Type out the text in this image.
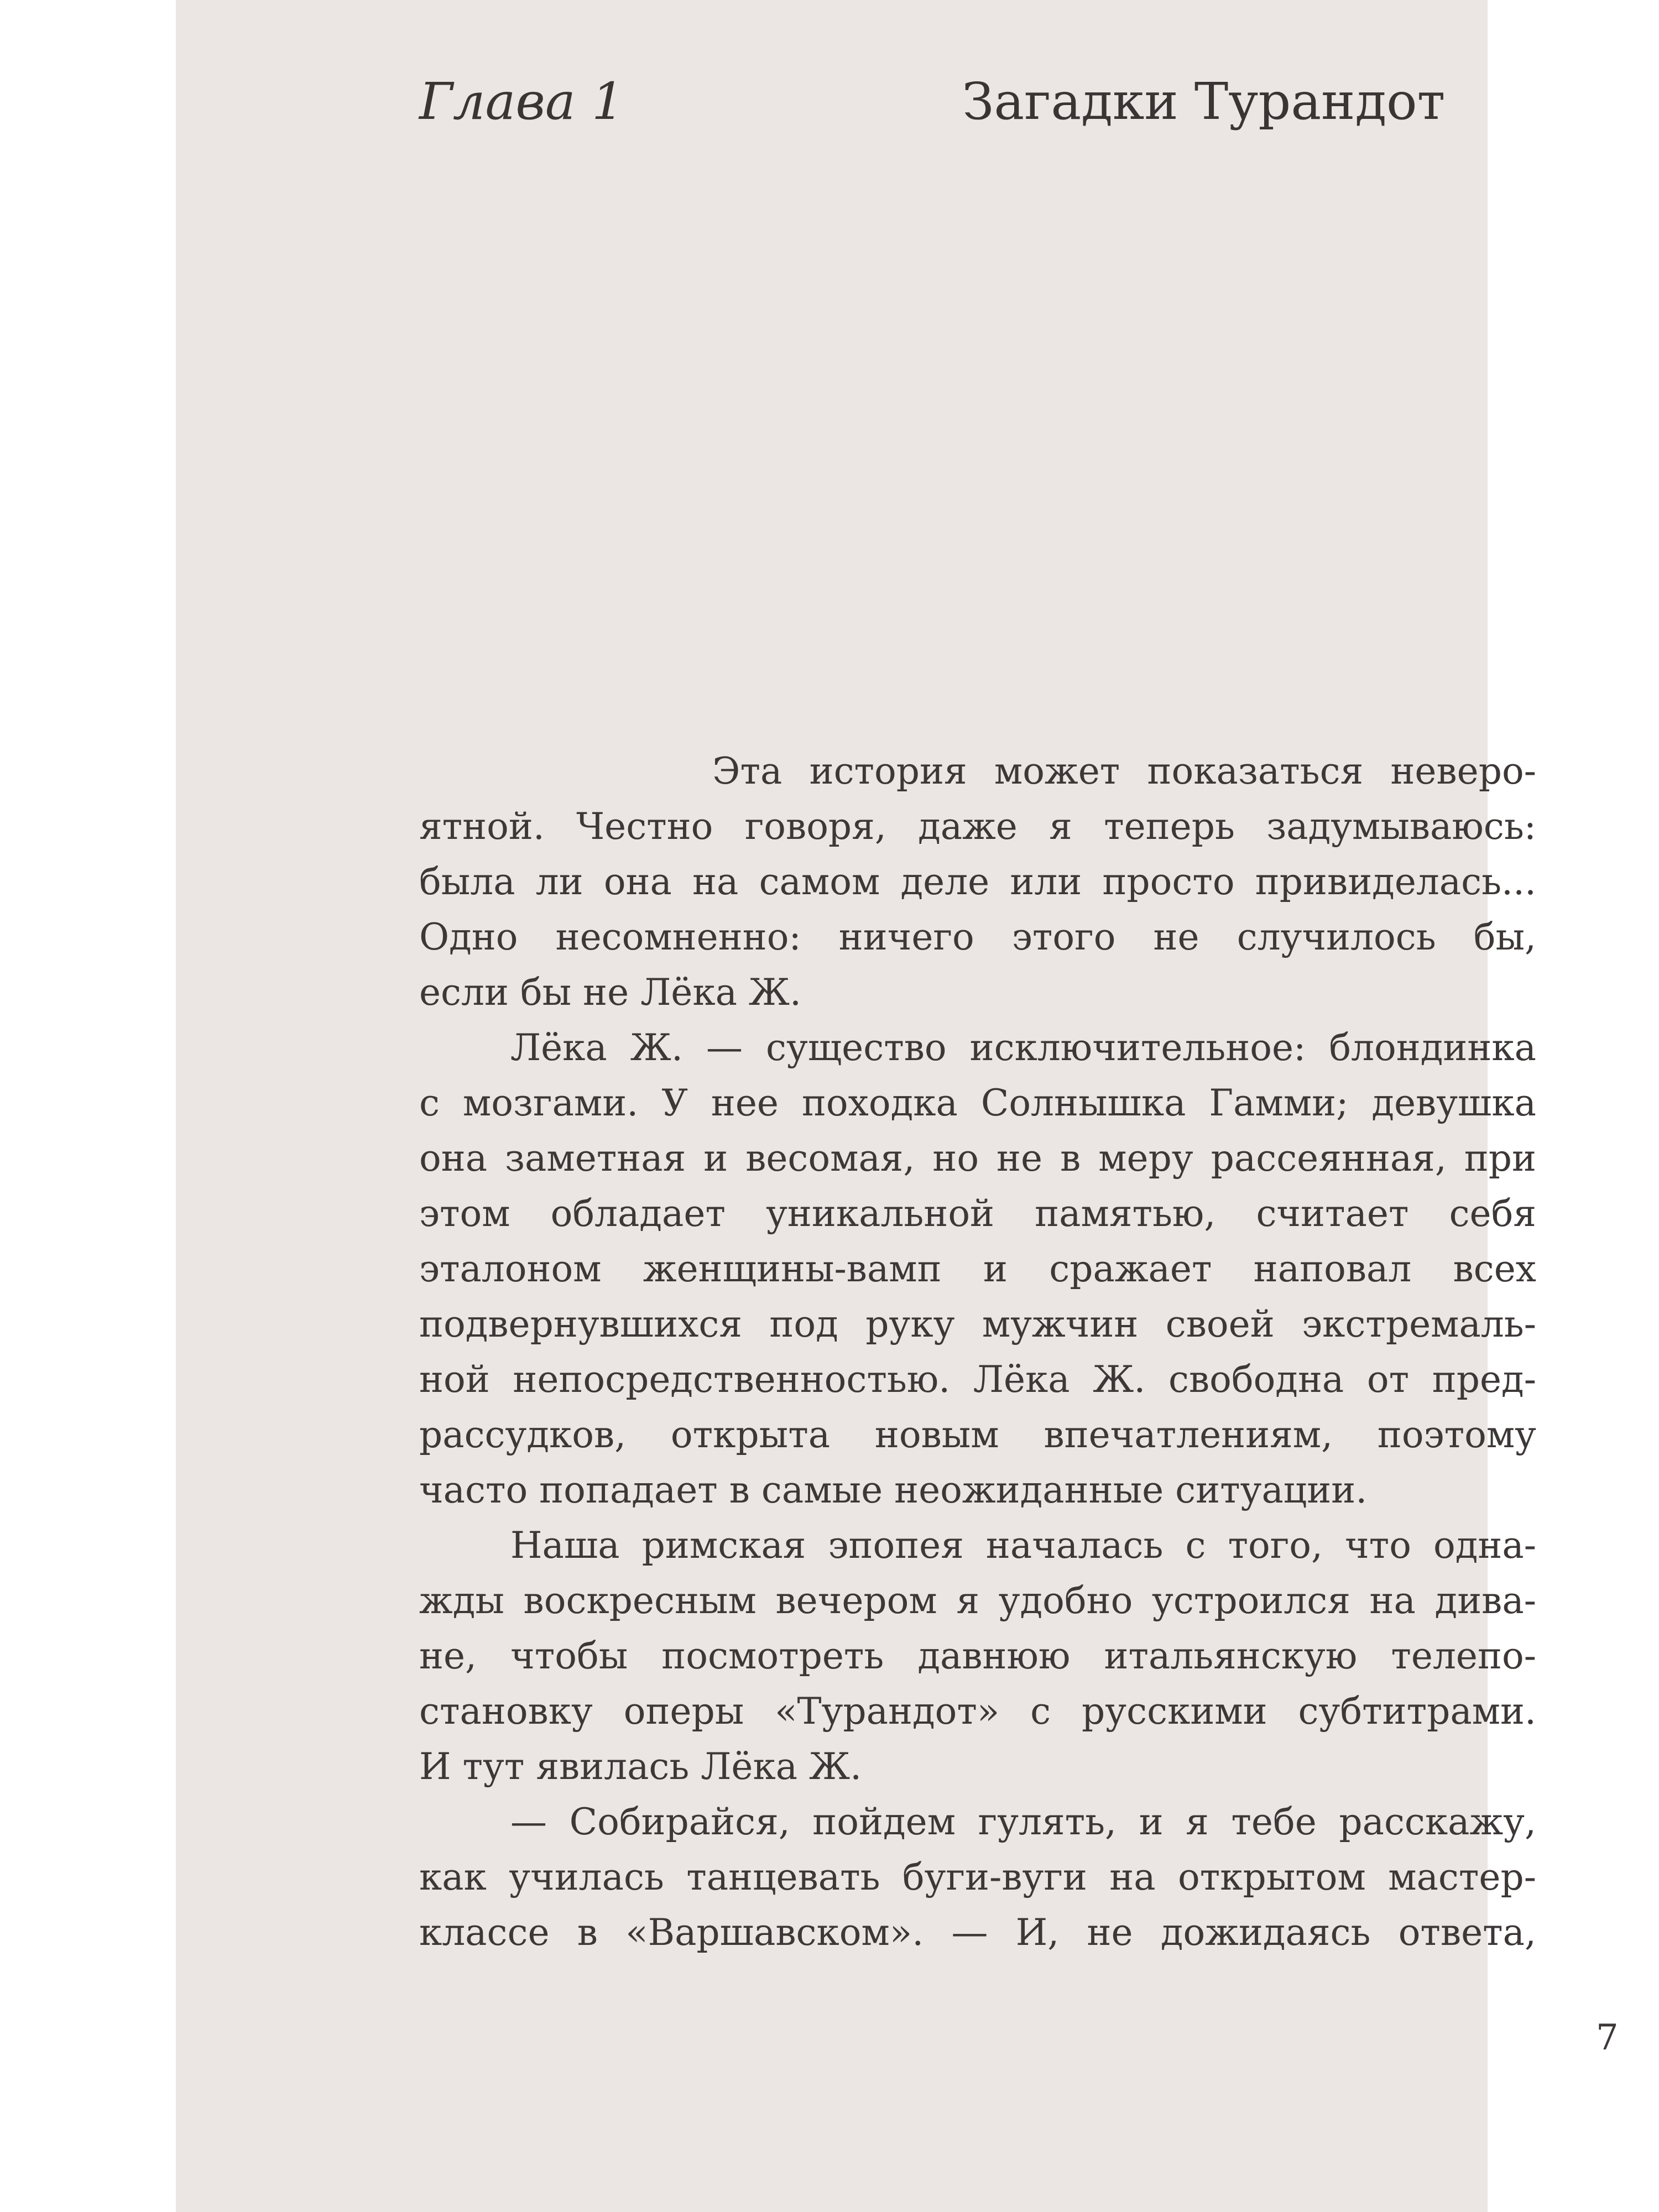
Глава 1	Загадки Турандот
Эта история может показаться неверо-
ятной. Честно говоря, даже я теперь задумываюсь:
была ли она на самом деле или просто привиделась...
Одно несомненно: ничего этого не случилось бы,
если бы не Лёка Ж.
Лёка Ж. — существо исключительное: блондинка
с мозгами. У нее походка Солнышка Гамми; девушка
она заметная и весомая, но не в меру рассеянная, при
этом обладает уникальной памятью, считает себя
эталоном женщины-вамп и сражает наповал всех
подвернувшихся под руку мужчин своей экстремаль-
ной непосредственностью. Лёка Ж. свободна от пред-
рассудков, открыта новым впечатлениям, поэтому
часто попадает в самые неожиданные ситуации.
Наша римская эпопея началась с того, что одна-
жды воскресным вечером я удобно устроился на дива-
не, чтобы посмотреть давнюю итальянскую телепо-
становку оперы «Турандот» с русскими субтитрами.
И тут явилась Лёка Ж.
— Собирайся, пойдем гулять, и я тебе расскажу,
как училась танцевать буги-вуги на открытом мастер-
классе в «Варшавском». — И, не дожидаясь ответа,
7
